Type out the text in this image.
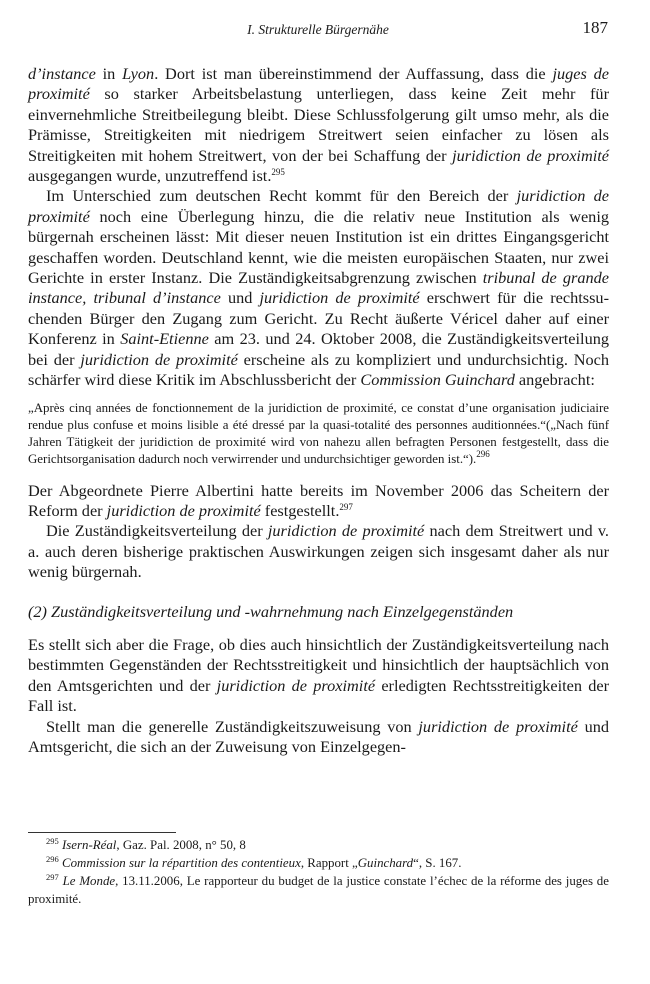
I. Strukturelle Bürgernähe	187

d’instance in Lyon. Dort ist man übereinstimmend der Auffassung, dass die juges de proximité so starker Arbeitsbelastung unterliegen, dass keine Zeit mehr für einvernehmliche Streitbeilegung bleibt. Diese Schlussfolgerung gilt umso mehr, als die Prämisse, Streitigkeiten mit niedrigem Streitwert seien einfacher zu lösen als Streitigkeiten mit hohem Streitwert, von der bei Schaffung der juridiction de proximité ausgegangen wurde, unzutreffend ist.$^{295}$

Im Unterschied zum deutschen Recht kommt für den Bereich der juridiction de proximité noch eine Überlegung hinzu, die die relativ neue Institution als wenig bürgernah erscheinen lässt: Mit dieser neuen Institution ist ein drittes Eingangsgericht geschaffen worden. Deutschland kennt, wie die meisten europäischen Staaten, nur zwei Gerichte in erster Instanz. Die Zuständigkeitsabgrenzung zwischen tribunal de grande instance, tribunal d’instance und juridiction de proximité erschwert für die rechtssuchenden Bürger den Zugang zum Gericht. Zu Recht äußerte Véricel daher auf einer Konferenz in Saint-Etienne am 23. und 24. Oktober 2008, die Zuständigkeitsverteilung bei der juridiction de proximité erscheine als zu kompliziert und undurchsichtig. Noch schärfer wird diese Kritik im Abschlussbericht der Commission Guinchard angebracht:

„Après cinq années de fonctionnement de la juridiction de proximité, ce constat d’une organisation judiciaire rendue plus confuse et moins lisible a été dressé par la quasi-totalité des personnes auditionnées.“(„Nach fünf Jahren Tätigkeit der juridiction de proximité wird von nahezu allen befragten Personen festgestellt, dass die Gerichtsorganisation dadurch noch verwirrender und undurchsichtiger geworden ist.“).$^{296}$

Der Abgeordnete Pierre Albertini hatte bereits im November 2006 das Scheitern der Reform der juridiction de proximité festgestellt.$^{297}$

Die Zuständigkeitsverteilung der juridiction de proximité nach dem Streitwert und v. a. auch deren bisherige praktischen Auswirkungen zeigen sich insgesamt daher als nur wenig bürgernah.

(2) Zuständigkeitsverteilung und -wahrnehmung nach Einzelgegenständen

Es stellt sich aber die Frage, ob dies auch hinsichtlich der Zuständigkeitsverteilung nach bestimmten Gegenständen der Rechtsstreitigkeit und hinsichtlich der hauptsächlich von den Amtsgerichten und der juridiction de proximité erledigten Rechtsstreitigkeiten der Fall ist.

Stellt man die generelle Zuständigkeitszuweisung von juridiction de proximité und Amtsgericht, die sich an der Zuweisung von Einzelgegen-

$^{295}$ Isern-Réal, Gaz. Pal. 2008, n° 50, 8

$^{296}$ Commission sur la répartition des contentieux, Rapport „Guinchard“, S. 167.

$^{297}$ Le Monde, 13.11.2006, Le rapporteur du budget de la justice constate l’échec de la réforme des juges de proximité.
